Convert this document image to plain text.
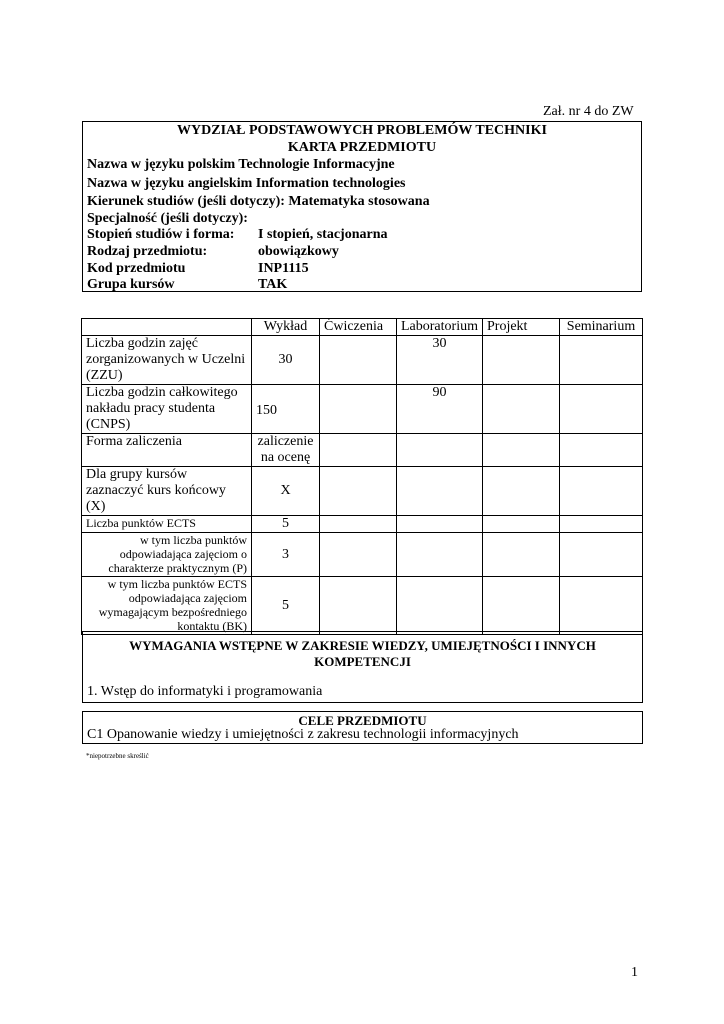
Zał. nr 4 do ZW
WYDZIAŁ PODSTAWOWYCH PROBLEMÓW TECHNIKI
KARTA PRZEDMIOTU
Nazwa w języku polskim Technologie Informacyjne
Nazwa w języku angielskim Information technologies
Kierunek studiów (jeśli dotyczy): Matematyka stosowana
Specjalność (jeśli dotyczy):
Stopień studiów i forma: I stopień, stacjonarna
Rodzaj przedmiotu:	obowiązkowy
Kod przedmiotu	INP1115
Grupa kursów	TAK
	Wykład	Ćwiczenia	Laboratorium	Projekt	Seminarium
Liczba godzin zajęć zorganizowanych w Uczelni (ZZU)	30		30		
Liczba godzin całkowitego nakładu pracy studenta (CNPS)	150		90		
Forma zaliczenia	zaliczenie na ocenę				
Dla grupy kursów zaznaczyć kurs końcowy (X)	X				
Liczba punktów ECTS	5				
w tym liczba punktów odpowiadająca zajęciom o charakterze praktycznym (P)	3				
w tym liczba punktów ECTS odpowiadająca zajęciom wymagającym bezpośredniego kontaktu (BK)	5				
WYMAGANIA WSTĘPNE W ZAKRESIE WIEDZY, UMIEJĘTNOŚCI I INNYCH KOMPETENCJI
1. Wstęp do informatyki i programowania
CELE PRZEDMIOTU
C1 Opanowanie wiedzy i umiejętności z zakresu technologii informacyjnych
*niepotrzebne skreślić
1
